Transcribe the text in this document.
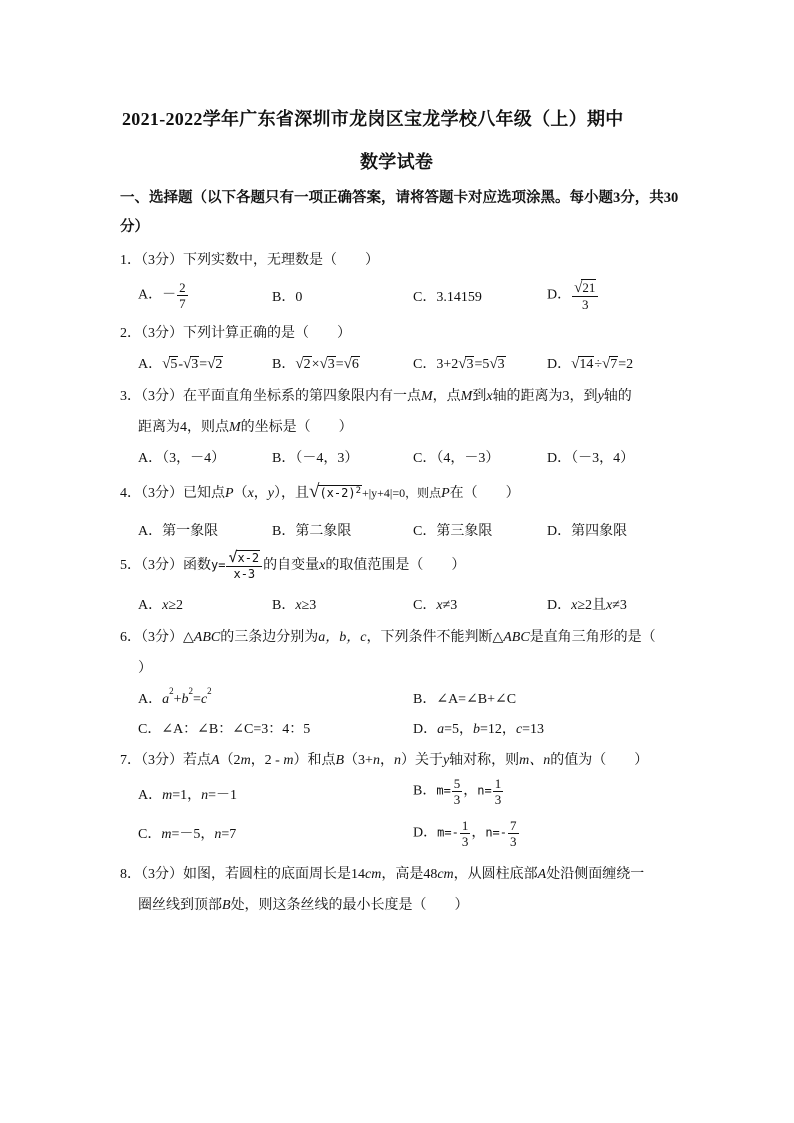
2021-2022学年广东省深圳市龙岗区宝龙学校八年级（上）期中
数学试卷
一、选择题（以下各题只有一项正确答案，请将答题卡对应选项涂黑。每小题3分，共30
分）
1．（3分）下列实数中，无理数是（　　）
A．－ $\frac{2}{7}$	B．0	C．3.14159	D． $\frac{√21}{3}$
2．（3分）下列计算正确的是（　　）
A．√5-√3=√2	B．√2×√3=√6	C．3+2√3=5√3	D．√14÷√7=2
3．（3分）在平面直角坐标系的第四象限内有一点M，点M到x轴的距离为3，到y轴的
距离为4，则点M的坐标是（　　）
A．（3，－4）	B．（－4，3）	C．（4，－3）	D．（－3，4）
4．（3分）已知点P（x，y），且$√(x-2)^2+|y+4|=0$，则点P在（　　）
A．第一象限	B．第二象限	C．第三象限	D．第四象限
5．（3分）函数$y= \frac{√x-2}{x-3}$ 的自变量x的取值范围是（　　）
A．x≥2	B．x≥3	C．x≠3	D．x≥2且x≠3
6．（3分）△ABC的三条边分别为a，b，c，下列条件不能判断△ABC是直角三角形的是（
）
A．$a^2+b^2=c^2$
B．∠A=∠B+∠C
C．∠A：∠B：∠C=3：4：5	D．a=5，b=12，c=13
7．（3分）若点A（2m，2 - m）和点B（3+n，n）关于y轴对称，则m、n的值为（　　）
A．m=1，n=－1	B．$m= \frac{5}{3}$ ，$n= \frac{1}{3}$
C．m=－5，n=7	D．$m=- \frac{1}{3}$ ，$n=- \frac{7}{3}$
8．（3分）如图，若圆柱的底面周长是14cm，高是48cm，从圆柱底部A处沿侧面缠绕一
圈丝线到顶部B处，则这条丝线的最小长度是（　　）
